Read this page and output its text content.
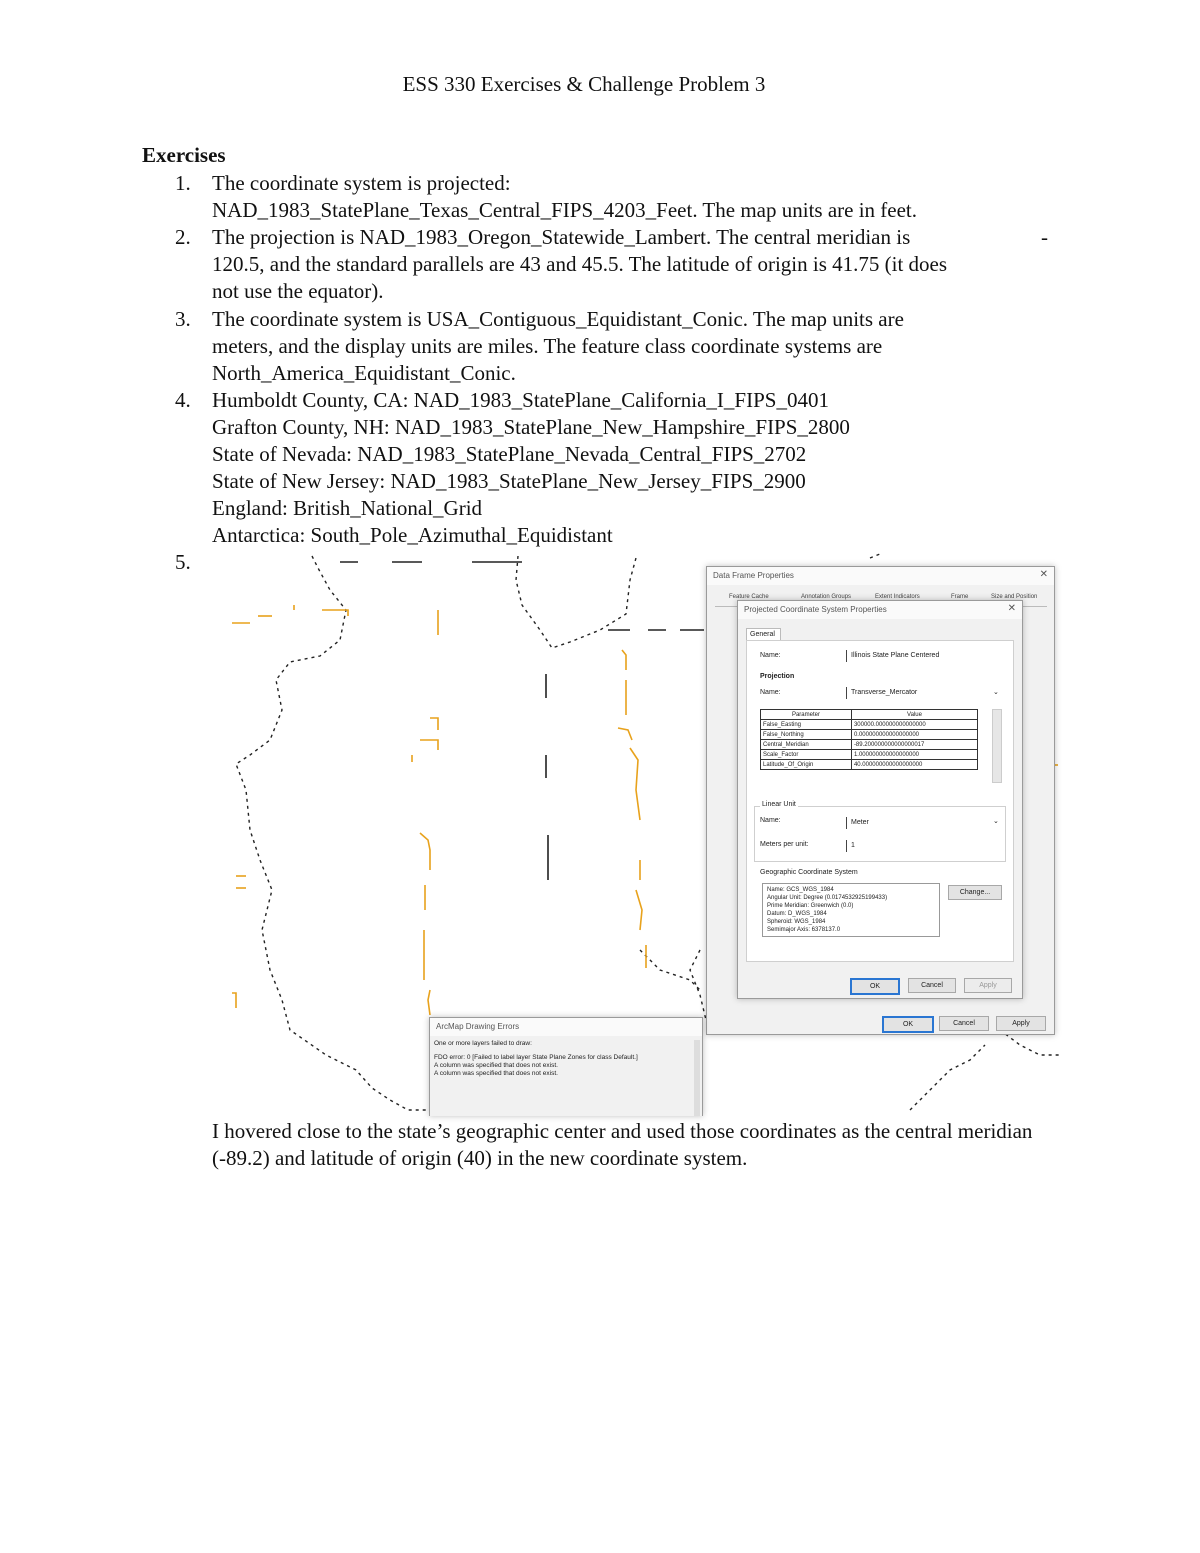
ESS 330 Exercises & Challenge Problem 3
Exercises
1. The coordinate system is projected:
NAD_1983_StatePlane_Texas_Central_FIPS_4203_Feet. The map units are in feet.
2. The projection is NAD_1983_Oregon_Statewide_Lambert. The central meridian is	-
120.5, and the standard parallels are 43 and 45.5. The latitude of origin is 41.75 (it does
not use the equator).
3. The coordinate system is USA_Contiguous_Equidistant_Conic. The map units are
meters, and the display units are miles. The feature class coordinate systems are
North_America_Equidistant_Conic.
4. Humboldt County, CA: NAD_1983_StatePlane_California_I_FIPS_0401
Grafton County, NH: NAD_1983_StatePlane_New_Hampshire_FIPS_2800
State of Nevada: NAD_1983_StatePlane_Nevada_Central_FIPS_2702
State of New Jersey: NAD_1983_StatePlane_New_Jersey_FIPS_2900
England: British_National_Grid
Antarctica: South_Pole_Azimuthal_Equidistant
5.
Data Frame Properties	✕
Feature Cache	Annotation Groups	Extent Indicators	Frame	Size and Position
OK	Cancel	Apply
Projected Coordinate System Properties	✕
General
Name:	Illinois State Plane Centered
Projection
Name:	Transverse_Mercator	⌄
Parameter	Value
False_Easting	300000.000000000000000
False_Northing	0.000000000000000000
Central_Meridian	-89.200000000000000017
Scale_Factor	1.000000000000000000
Latitude_Of_Origin	40.000000000000000000
Linear Unit
Name:	Meter	⌄
Meters per unit:	1
Geographic Coordinate System
Name: GCS_WGS_1984
Angular Unit: Degree (0.0174532925199433)
Prime Meridian: Greenwich (0.0)
Datum: D_WGS_1984
Spheroid: WGS_1984
Semimajor Axis: 6378137.0
Change...
OK	Cancel	Apply
ArcMap Drawing Errors
One or more layers failed to draw:
FDO error: 0 [Failed to label layer State Plane Zones for class Default.]
A column was specified that does not exist.
A column was specified that does not exist.
I hovered close to the state’s geographic center and used those coordinates as the central meridian (-89.2) and latitude of origin (40) in the new coordinate system.
